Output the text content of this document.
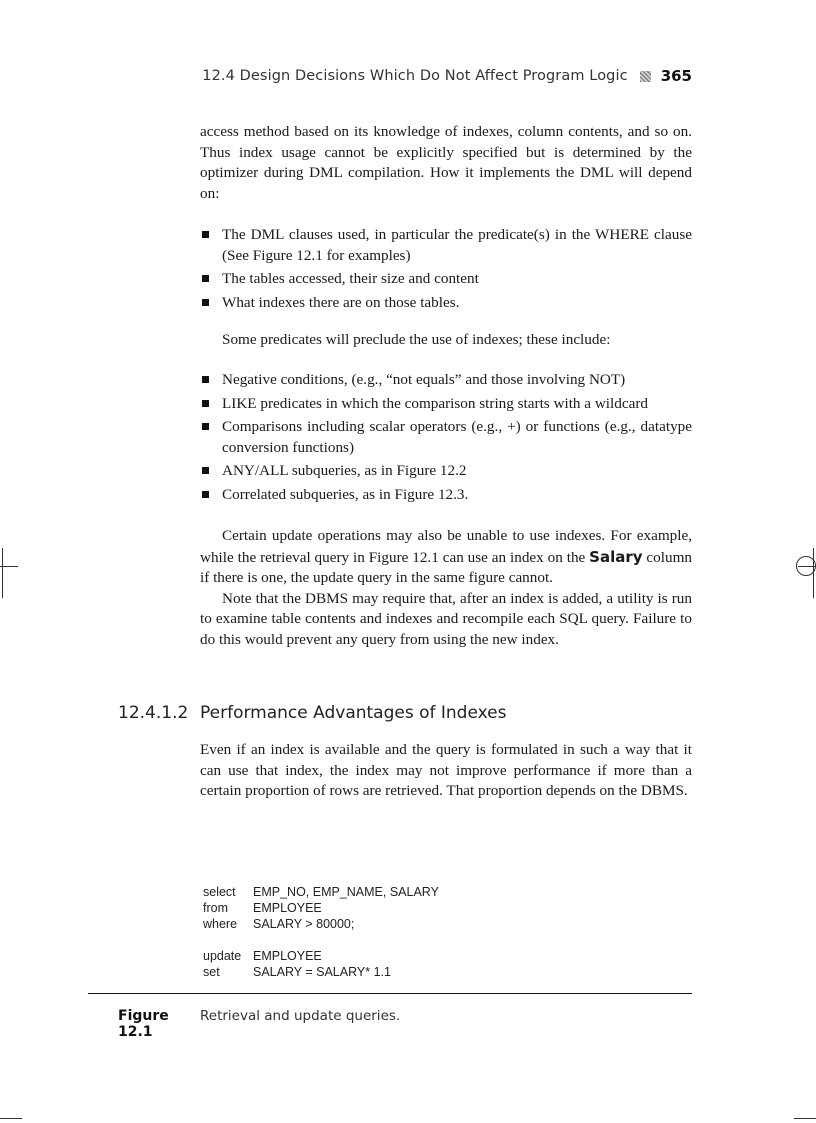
12.4 Design Decisions Which Do Not Affect Program Logic 365

access method based on its knowledge of indexes, column contents, and so on. Thus index usage cannot be explicitly specified but is determined by the optimizer during DML compilation. How it implements the DML will depend on:

The DML clauses used, in particular the predicate(s) in the WHERE clause (See Figure 12.1 for examples)
The tables accessed, their size and content
What indexes there are on those tables.
Some predicates will preclude the use of indexes; these include:
Negative conditions, (e.g., “not equals” and those involving NOT)
LIKE predicates in which the comparison string starts with a wildcard
Comparisons including scalar operators (e.g., +) or functions (e.g., datatype conversion functions)
ANY/ALL subqueries, as in Figure 12.2
Correlated subqueries, as in Figure 12.3.

Certain update operations may also be unable to use indexes. For example, while the retrieval query in Figure 12.1 can use an index on the Salary column if there is one, the update query in the same figure cannot.

Note that the DBMS may require that, after an index is added, a utility is run to examine table contents and indexes and recompile each SQL query. Failure to do this would prevent any query from using the new index.

12.4.1.2 Performance Advantages of Indexes

Even if an index is available and the query is formulated in such a way that it can use that index, the index may not improve performance if more than a certain proportion of rows are retrieved. That proportion depends on the DBMS.

select	EMP_NO, EMP_NAME, SALARY
from	EMPLOYEE
where	SALARY > 80000;
update EMPLOYEE
set	SALARY = SALARY* 1.1
Figure 12.1
Retrieval and update queries.
